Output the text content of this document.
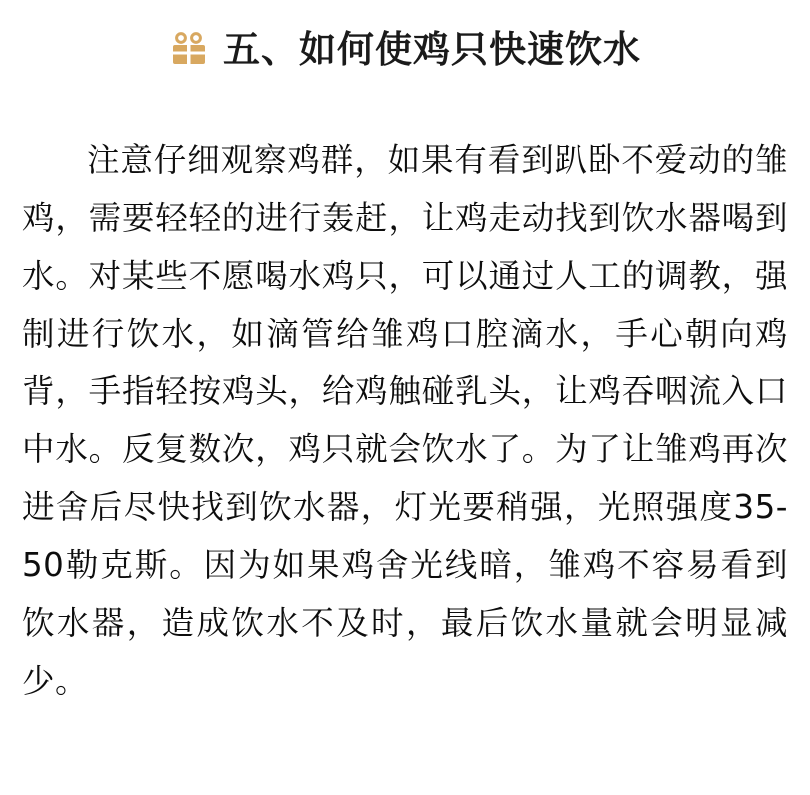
五、如何使鸡只快速饮水

注意仔细观察鸡群，如果有看到趴卧不爱动的雏鸡，需要轻轻的进行轰赶，让鸡走动找到饮水器喝到水。对某些不愿喝水鸡只，可以通过人工的调教，强制进行饮水，如滴管给雏鸡口腔滴水，手心朝向鸡背，手指轻按鸡头，给鸡触碰乳头，让鸡吞咽流入口中水。反复数次，鸡只就会饮水了。为了让雏鸡再次进舍后尽快找到饮水器，灯光要稍强，光照强度35-50勒克斯。因为如果鸡舍光线暗，雏鸡不容易看到饮水器，造成饮水不及时，最后饮水量就会明显减少。
